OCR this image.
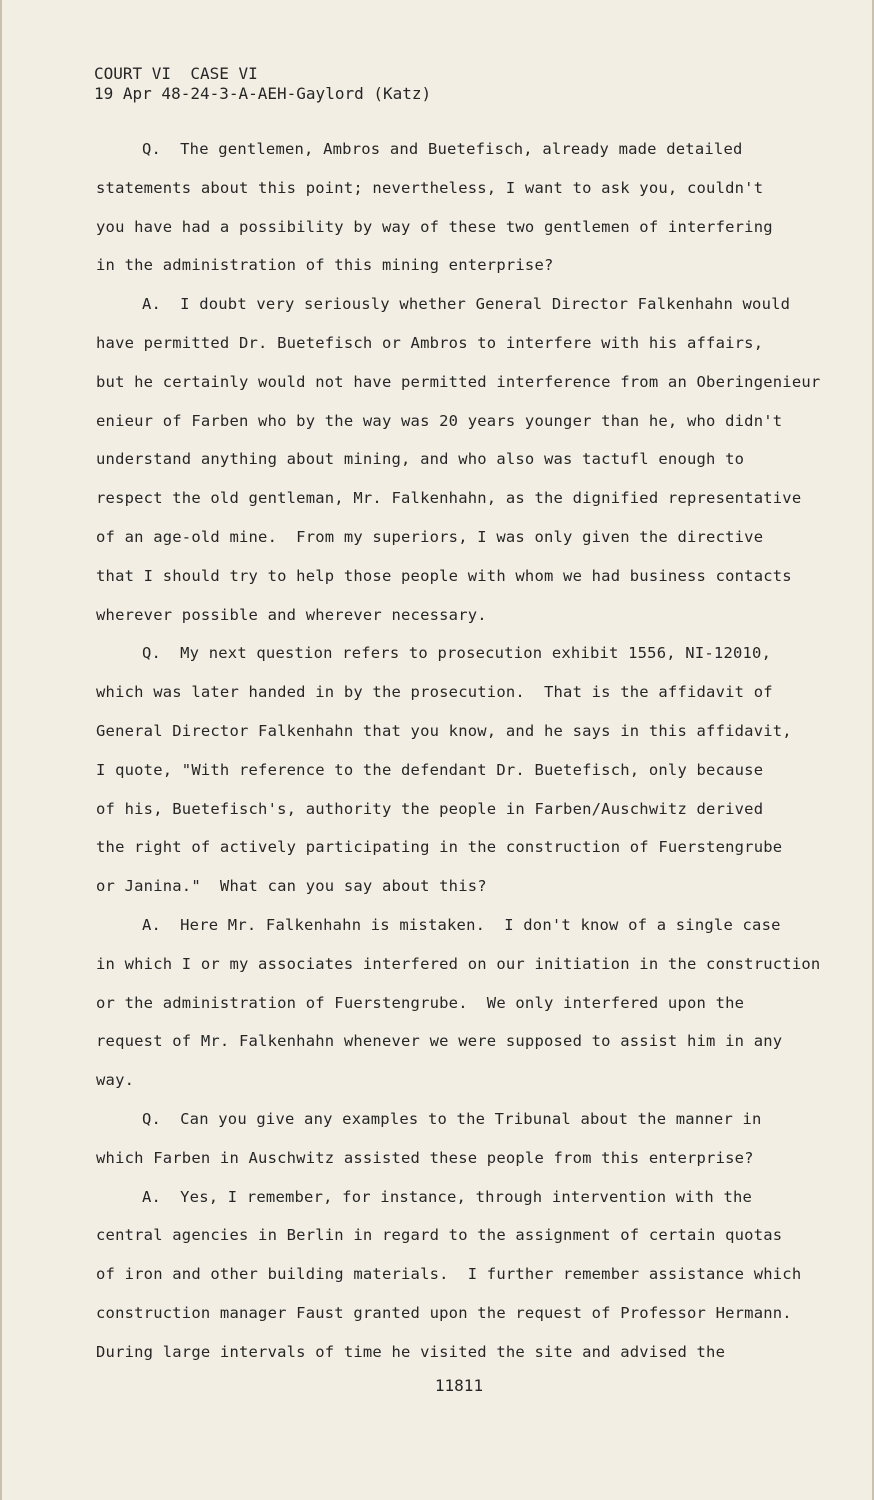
COURT VI  CASE VI
19 Apr 48-24-3-A-AEH-Gaylord (Katz)
Q.  The gentlemen, Ambros and Buetefisch, already made detailed
statements about this point; nevertheless, I want to ask you, couldn't
you have had a possibility by way of these two gentlemen of interfering
in the administration of this mining enterprise?
A.  I doubt very seriously whether General Director Falkenhahn would
have permitted Dr. Buetefisch or Ambros to interfere with his affairs,
but he certainly would not have permitted interference from an Oberingenieur
enieur of Farben who by the way was 20 years younger than he, who didn't
understand anything about mining, and who also was tactufl enough to
respect the old gentleman, Mr. Falkenhahn, as the dignified representative
of an age-old mine.  From my superiors, I was only given the directive
that I should try to help those people with whom we had business contacts
wherever possible and wherever necessary.
Q.  My next question refers to prosecution exhibit 1556, NI-12010,
which was later handed in by the prosecution.  That is the affidavit of
General Director Falkenhahn that you know, and he says in this affidavit,
I quote, "With reference to the defendant Dr. Buetefisch, only because
of his, Buetefisch's, authority the people in Farben/Auschwitz derived
the right of actively participating in the construction of Fuerstengrube
or Janina."  What can you say about this?
A.  Here Mr. Falkenhahn is mistaken.  I don't know of a single case
in which I or my associates interfered on our initiation in the construction
or the administration of Fuerstengrube.  We only interfered upon the
request of Mr. Falkenhahn whenever we were supposed to assist him in any
way.
Q.  Can you give any examples to the Tribunal about the manner in
which Farben in Auschwitz assisted these people from this enterprise?
A.  Yes, I remember, for instance, through intervention with the
central agencies in Berlin in regard to the assignment of certain quotas
of iron and other building materials.  I further remember assistance which
construction manager Faust granted upon the request of Professor Hermann.
During large intervals of time he visited the site and advised the
11811
